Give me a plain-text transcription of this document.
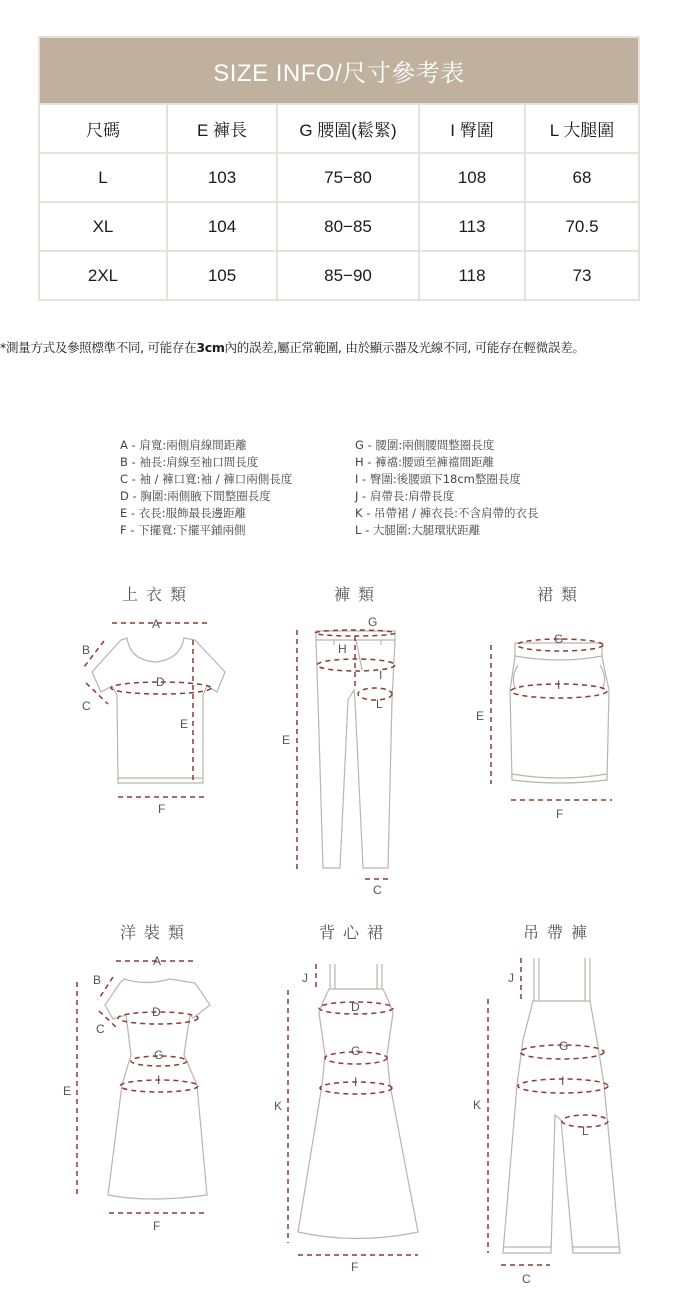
SIZE INFO/尺寸參考表
尺碼	E 褲長	G 腰圍(鬆緊)	I 臀圍	L 大腿圍
L	103	75−80	108	68
XL	104	80−85	113	70.5
2XL	105	85−90	118	73
*測量方式及參照標準不同, 可能存在3cm內的誤差,屬正常範圍, 由於顯示器及光線不同, 可能存在輕微誤差。
A - 肩寬:兩側肩線間距離
B - 袖長:肩線至袖口間長度
C - 袖 / 褲口寬:袖 / 褲口兩側長度
D - 胸圍:兩側腋下間整圈長度
E - 衣長:服飾最長邊距離
F - 下擺寬:下擺平鋪兩側
G - 腰圍:兩側腰間整圈長度
H - 褲襠:腰頭至褲襠間距離
I - 臀圍:後腰頭下18cm整圈長度
J - 肩帶長:肩帶長度
K - 吊帶裙 / 褲衣長:不含肩帶的衣長
L - 大腿圍:大腿環狀距離
上衣類
A
B
C
D
E
F
褲類
G
H
I
L
E
C
裙類
G
I
E
F
洋裝類
A
B
C
D
G
I
E
F
背心裙
J
D
G
I
K
F
吊帶褲
J
G
I
L
K
C
